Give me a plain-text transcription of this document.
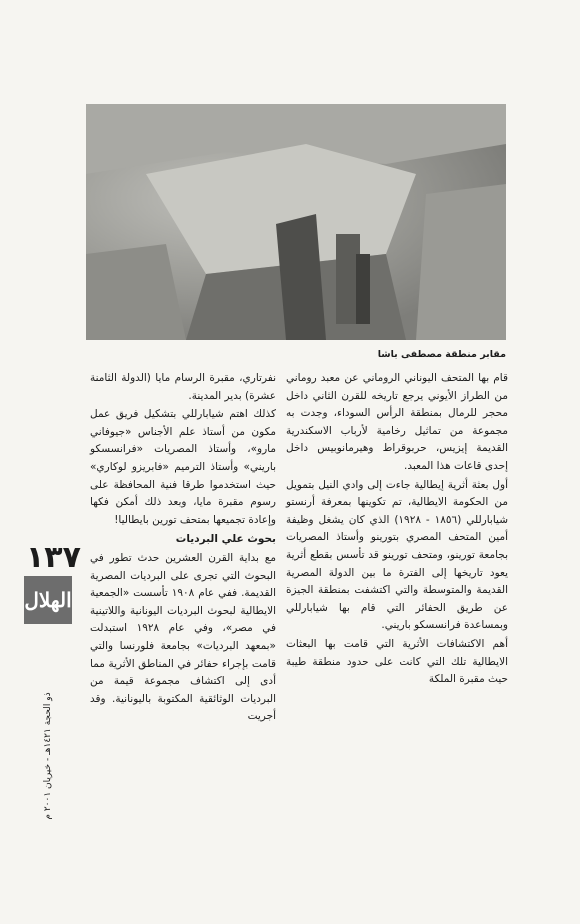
مقابر منطقة مصطفى باشا

قام بها المتحف اليوناني الروماني عن معبد روماني من الطراز الأيوني يرجع تاريخه للقرن الثاني داخل محجر للرمال بمنطقة الرأس السوداء، وجدت به مجموعة من تماثيل رخامية لأرباب الاسكندرية القديمة إيزيس، حربوقراط وهيرمانوبيس داخل إحدى قاعات هذا المعبد.

أول بعثة أثرية إيطالية جاءت إلى وادي النيل بتمويل من الحكومة الايطالية، تم تكوينها بمعرفة أرنستو شيابارللي (١٨٥٦ - ١٩٢٨) الذي كان يشغل وظيفة أمين المتحف المصري بتورينو وأستاذ المصريات بجامعة تورينو، ومتحف تورينو قد تأسس بقطع أثرية يعود تاريخها إلى الفترة ما بين الدولة المصرية القديمة والمتوسطة والتي اكتشفت بمنطقة الجيزة عن طريق الحفائر التي قام بها شيابارللي وبمساعدة فرانسسكو باريني.

أهم الاكتشافات الأثرية التي قامت بها البعثات الايطالية تلك التي كانت على حدود منطقة طيبة حيث مقبرة الملكة

نفرتاري، مقبرة الرسام مايا (الدولة الثامنة عشرة) بدير المدينة.

كذلك اهتم شيابارللي بتشكيل فريق عمل مكون من أستاذ علم الأجناس «جيوفاني مارو»، وأستاذ المصريات «فرانسسكو باريني» وأستاذ الترميم «فابريزو لوكاري» حيث استخدموا طرقا فنية المحافظة على رسوم مقبرة مايا، وبعد ذلك أمكن فكها وإعادة تجميعها بمتحف تورين بايطاليا!

بحوث علي البرديات

مع بداية القرن العشرين حدث تطور في البحوث التي تجرى على البرديات المصرية القديمة. ففي عام ١٩٠٨ تأسست «الجمعية الايطالية لبحوث البرديات اليونانية واللاتينية في مصر»، وفي عام ١٩٢٨ استبدلت «بمعهد البرديات» بجامعة فلورنسا والتي قامت بإجراء حفائر في المناطق الأثرية مما أدى إلى اكتشاف مجموعة قيمة من البرديات الوثائقية المكتوبة باليونانية. وقد أجريت

١٣٧
الهلال
ذو الحجة ١٤٢١هـ - خيريان ٢٠٠١ م
